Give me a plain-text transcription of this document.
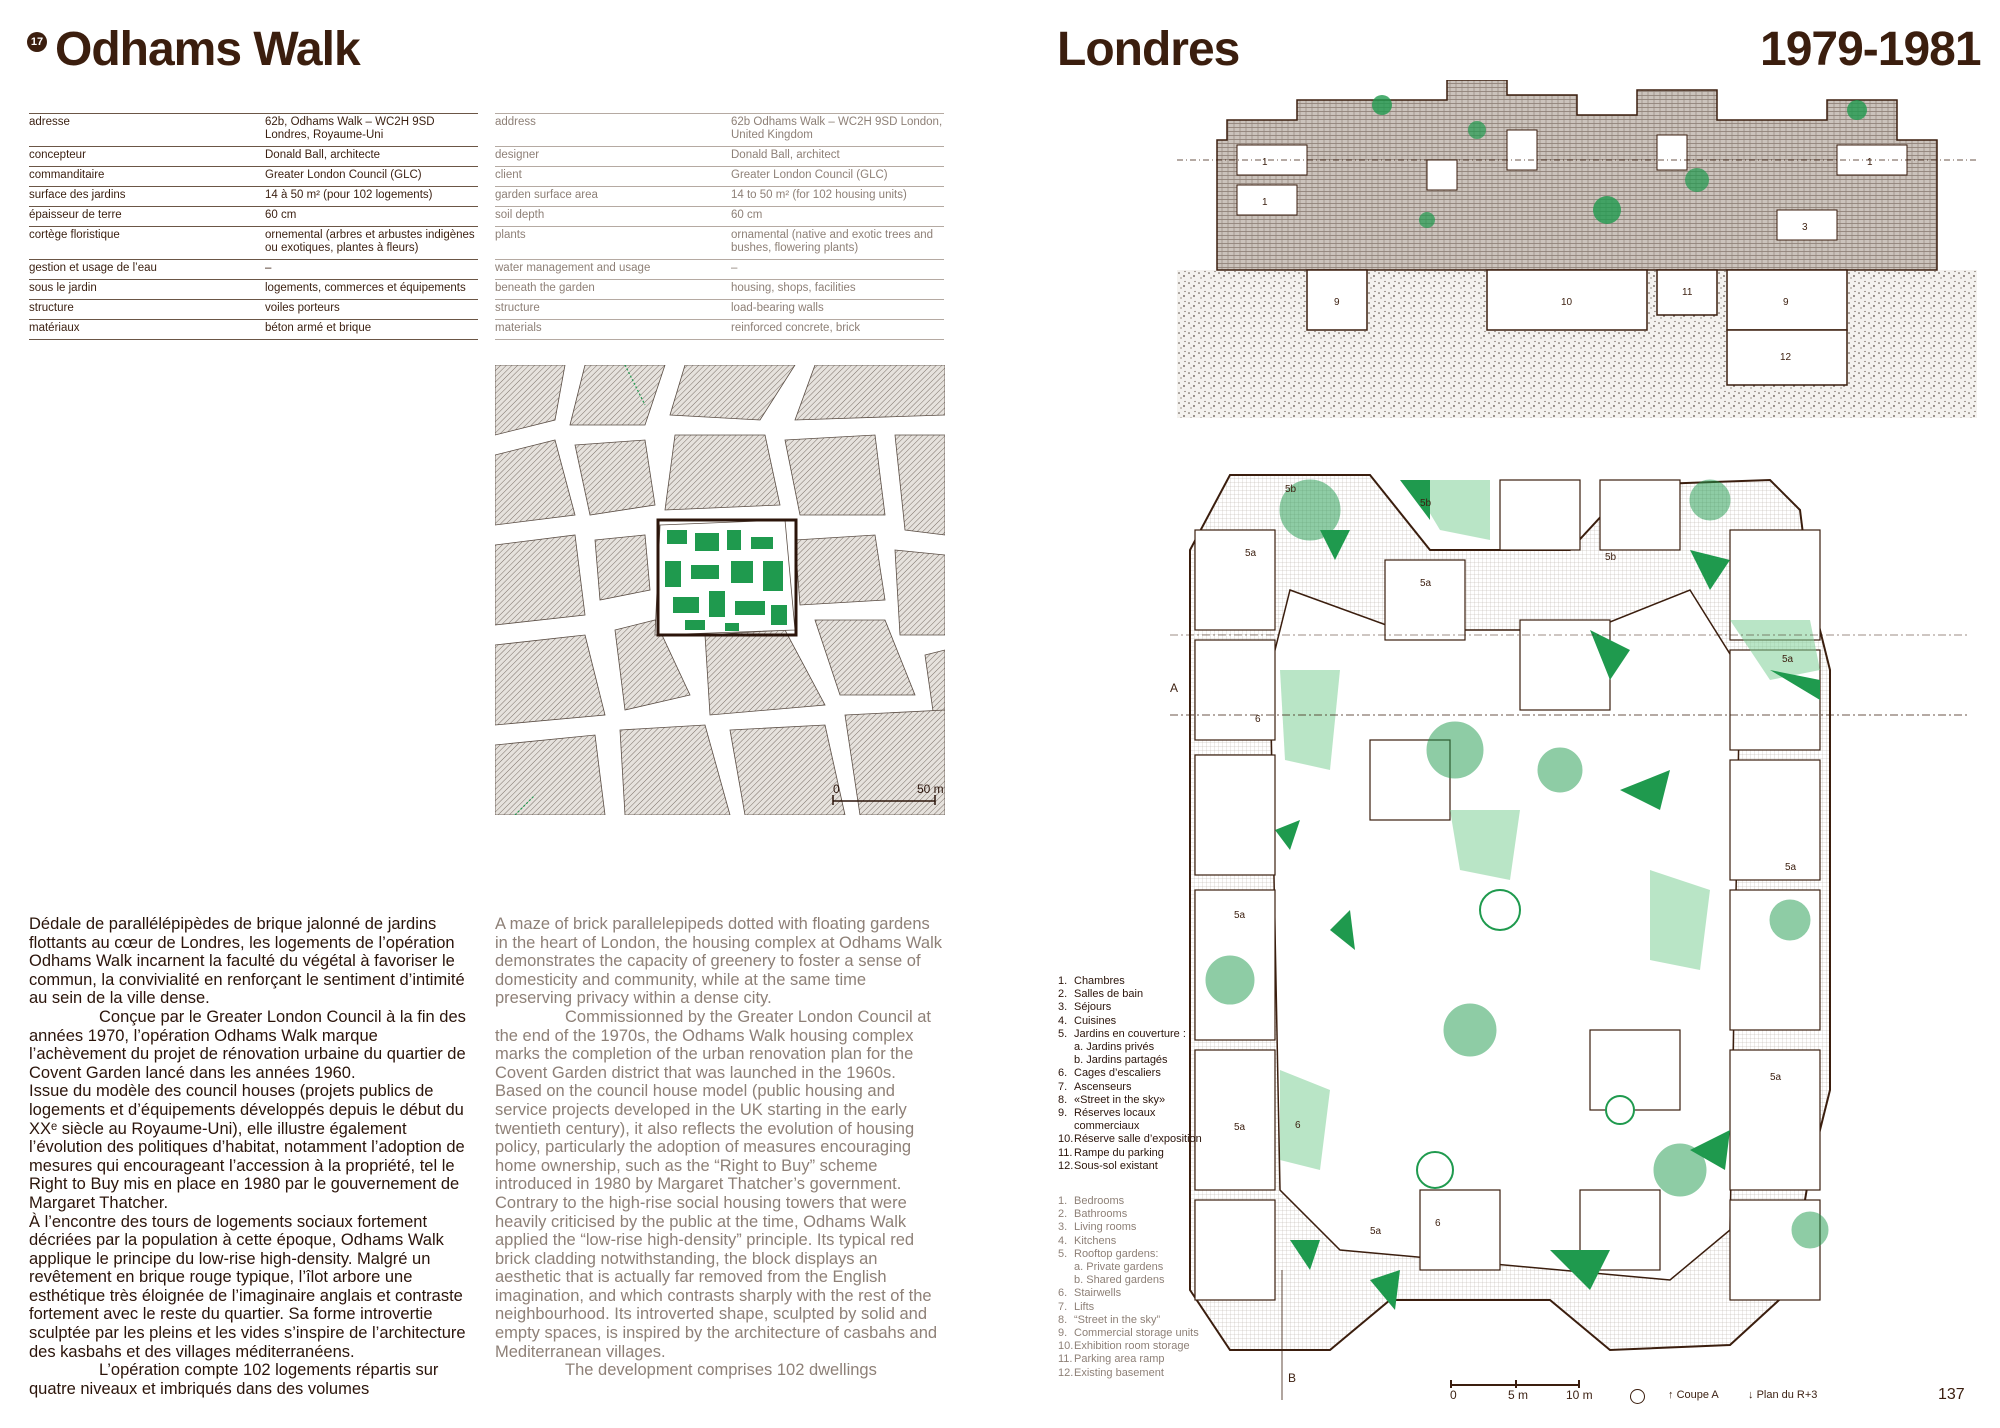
17 Odhams Walk	Londres	1979-1981
adresse	62b, Odhams Walk – WC2H 9SD Londres, Royaume-Uni
concepteur	Donald Ball, architecte
commanditaire	Greater London Council (GLC)
surface des jardins	14 à 50 m² (pour 102 logements)
épaisseur de terre	60 cm
cortège floristique	ornemental (arbres et arbustes indigènes ou exotiques, plantes à fleurs)
gestion et usage de l’eau	–
sous le jardin	logements, commerces et équipements
structure	voiles porteurs
matériaux	béton armé et brique
address	62b Odhams Walk – WC2H 9SD London, United Kingdom
designer	Donald Ball, architect
client	Greater London Council (GLC)
garden surface area	14 to 50 m² (for 102 housing units)
soil depth	60 cm
plants	ornamental (native and exotic trees and bushes, flowering plants)
water management and usage	–
beneath the garden	housing, shops, facilities
structure	load-bearing walls
materials	reinforced concrete, brick
0	50 m

Dédale de parallélépipèdes de brique jalonné de jardins flottants au cœur de Londres, les logements de l’opération Odhams Walk incarnent la faculté du végétal à favoriser le commun, la convivialité en renforçant le sentiment d’intimité au sein de la ville dense.

Conçue par le Greater London Council à la fin des années 1970, l’opération Odhams Walk marque l’achèvement du projet de rénovation urbaine du quartier de Covent Garden lancé dans les années 1960.

Issue du modèle des council houses (projets publics de logements et d’équipements développés depuis le début du XXᵉ siècle au Royaume-Uni), elle illustre également l’évolution des politiques d’habitat, notamment l’adoption de mesures qui encourageant l’accession à la propriété, tel le Right to Buy mis en place en 1980 par le gouvernement de Margaret Thatcher.

À l’encontre des tours de logements sociaux fortement décriées par la population à cette époque, Odhams Walk applique le principe du low-rise high-density. Malgré un revêtement en brique rouge typique, l’îlot arbore une esthétique très éloignée de l’imaginaire anglais et contraste fortement avec le reste du quartier. Sa forme introvertie sculptée par les pleins et les vides s’inspire de l’architecture des kasbahs et des villages méditerranéens.

L’opération compte 102 logements répartis sur quatre niveaux et imbriqués dans des volumes

A maze of brick parallelepipeds dotted with floating gardens in the heart of London, the housing complex at Odhams Walk demonstrates the capacity of greenery to foster a sense of domesticity and community, while at the same time preserving privacy within a dense city.

Commissionned by the Greater London Council at the end of the 1970s, the Odhams Walk housing complex marks the completion of the urban renovation plan for the Covent Garden district that was launched in the 1960s. Based on the council house model (public housing and service projects developed in the UK starting in the early twentieth century), it also reflects the evolution of housing policy, particularly the adoption of measures encouraging home ownership, such as the “Right to Buy” scheme introduced in 1980 by Margaret Thatcher’s government. Contrary to the high-rise social housing towers that were heavily criticised by the public at the time, Odhams Walk applied the “low-rise high-density” principle. Its typical red brick cladding notwithstanding, the block displays an aesthetic that is actually far removed from the English imagination, and which contrasts sharply with the rest of the neighbourhood. Its introverted shape, sculpted by solid and empty spaces, is inspired by the architecture of casbahs and Mediterranean villages.

The development comprises 102 dwellings

1
1
1
3
9	10
11
9
12
5b
5a
5a
5a
5a
5a
5a
5a
5a
5b
5b
6
6
6
A
B
1. Chambres
2. Salles de bain
3. Séjours
4. Cuisines
5. Jardins en couverture :
a. Jardins privés
b. Jardins partagés
6. Cages d’escaliers
7. Ascenseurs
8. «Street in the sky»
9. Réserves locaux commerciaux
10. Réserve salle d’exposition
11. Rampe du parking
12. Sous-sol existant
1. Bedrooms
2. Bathrooms
3. Living rooms
4. Kitchens
5. Rooftop gardens:
a. Private gardens
b. Shared gardens
6. Stairwells
7. Lifts
8. “Street in the sky”
9. Commercial storage units
10. Exhibition room storage
11. Parking area ramp
12. Existing basement
0	5 m	10 m	↑ Coupe A	↓ Plan du R+3	137
